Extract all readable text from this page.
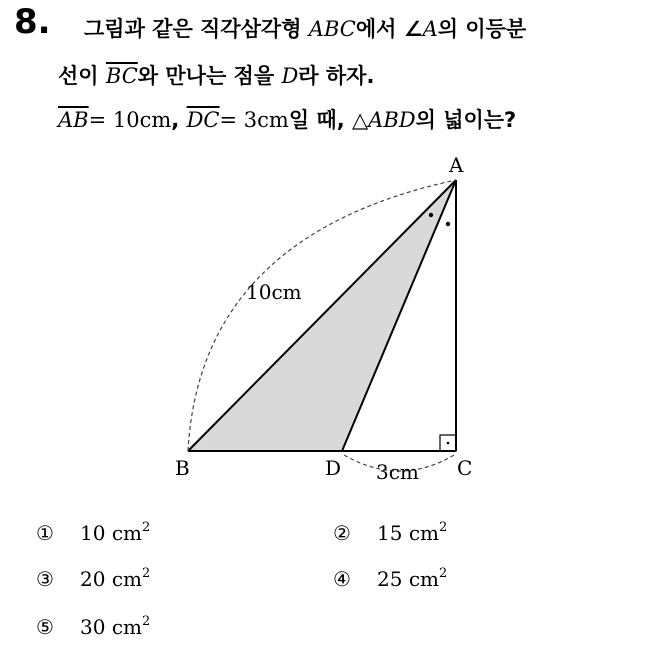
8. 그림과 같은 직각삼각형 ABC에서 ∠A의 이등분
선이 $\overline{BC}$와 만나는 점을 D라 하자.
$\overline{AB}= 10cm$, $\overline{DC}= 3cm$일 때, △ABD의 넓이는?
A
B	C
D
10cm
3cm
① 10 $cm^2$	② 15 $cm^2$
③ 20 $cm^2$	④ 25 $cm^2$
⑤ 30 $cm^2$
